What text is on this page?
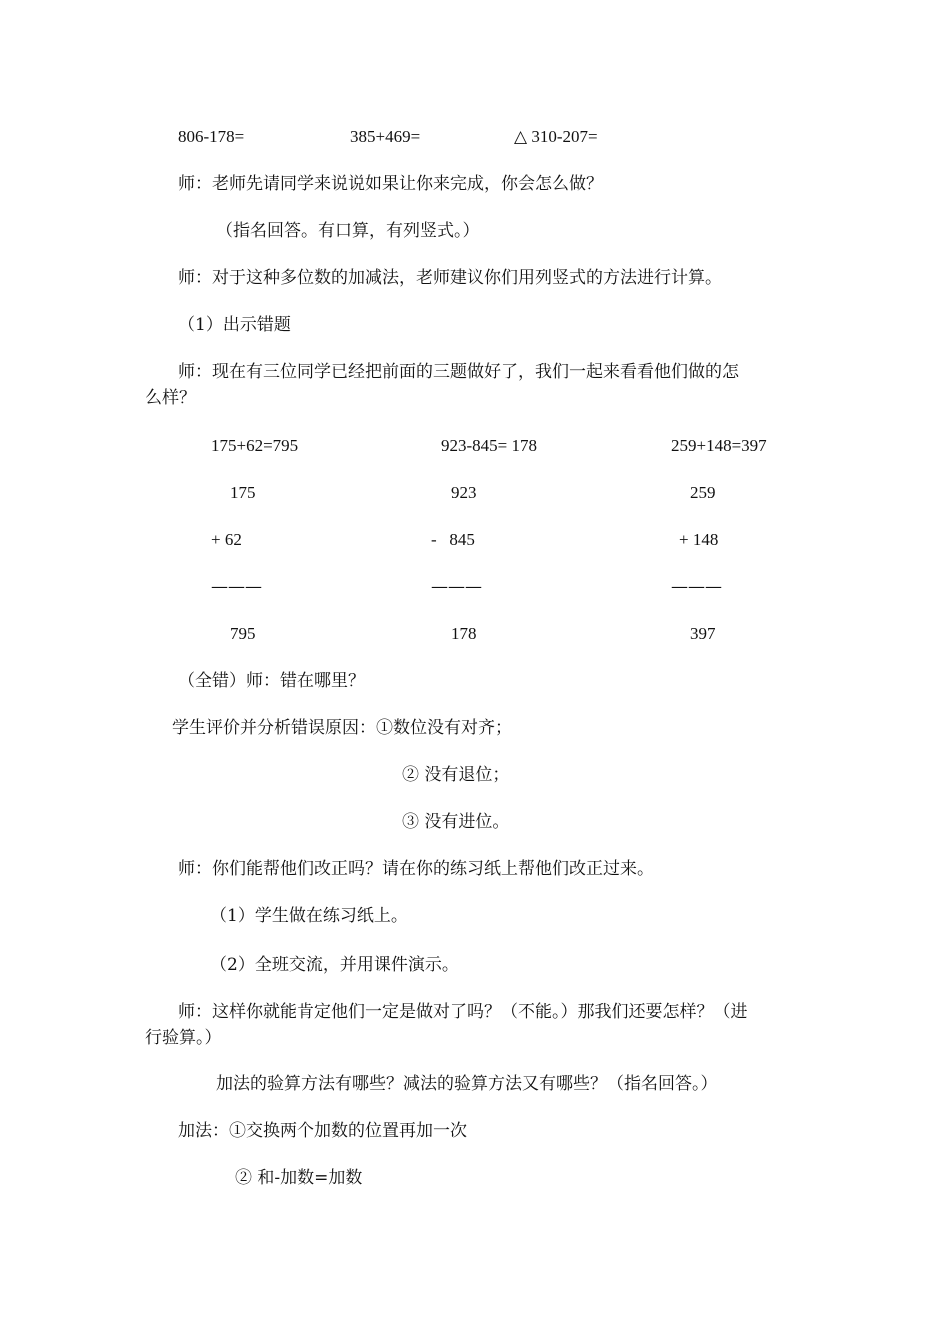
806-178=	385+469=	△ 310-207=
师：老师先请同学来说说如果让你来完成，你会怎么做？
（指名回答。有口算，有列竖式。）
师：对于这种多位数的加减法，老师建议你们用列竖式的方法进行计算。
（1）出示错题
师：现在有三位同学已经把前面的三题做好了，我们一起来看看他们做的怎
么样？
175+62=795	923-845= 178	259+148=397
175
+ 62
———
795
923
-   845
———
178
259
+ 148
———
397
（全错）师：错在哪里？
学生评价并分析错误原因：①数位没有对齐；
② 没有退位；
③ 没有进位。
师：你们能帮他们改正吗？请在你的练习纸上帮他们改正过来。
（1）学生做在练习纸上。
（2）全班交流，并用课件演示。
师：这样你就能肯定他们一定是做对了吗？（不能。）那我们还要怎样？（进
行验算。）
加法的验算方法有哪些？减法的验算方法又有哪些？（指名回答。）
加法：①交换两个加数的位置再加一次
② 和-加数=加数
